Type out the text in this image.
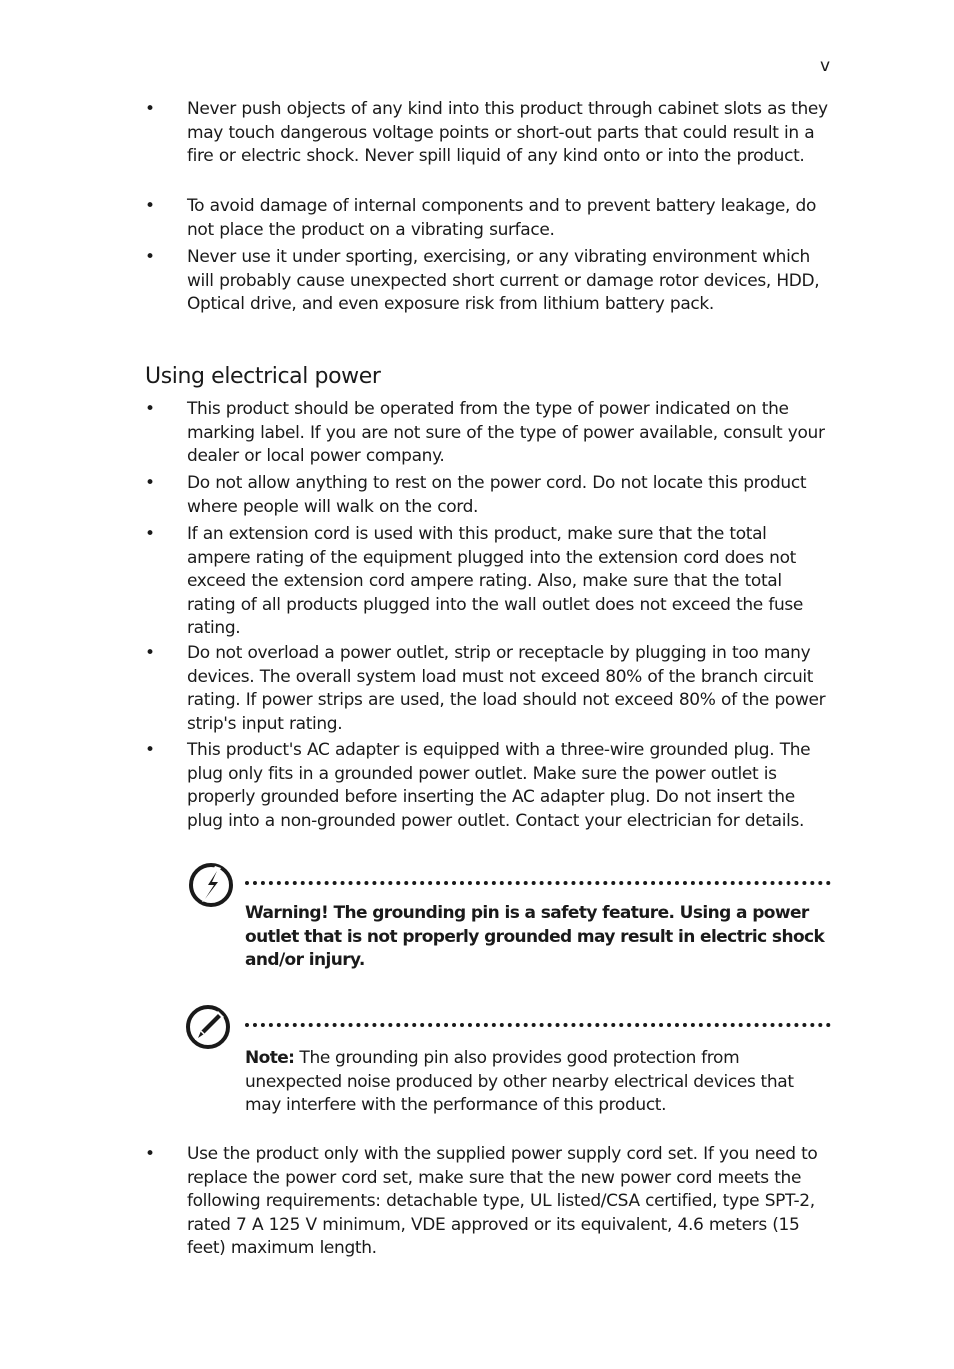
v
• Never push objects of any kind into this product through cabinet slots as they may touch dangerous voltage points or short-out parts that could result in a fire or electric shock. Never spill liquid of any kind onto or into the product.
• To avoid damage of internal components and to prevent battery leakage, do not place the product on a vibrating surface.
• Never use it under sporting, exercising, or any vibrating environment which will probably cause unexpected short current or damage rotor devices, HDD, Optical drive, and even exposure risk from lithium battery pack.
Using electrical power
• This product should be operated from the type of power indicated on the marking label. If you are not sure of the type of power available, consult your dealer or local power company.
• Do not allow anything to rest on the power cord. Do not locate this product where people will walk on the cord.
• If an extension cord is used with this product, make sure that the total ampere rating of the equipment plugged into the extension cord does not exceed the extension cord ampere rating. Also, make sure that the total rating of all products plugged into the wall outlet does not exceed the fuse rating.
• Do not overload a power outlet, strip or receptacle by plugging in too many devices. The overall system load must not exceed 80% of the branch circuit rating. If power strips are used, the load should not exceed 80% of the power strip's input rating.
• This product's AC adapter is equipped with a three-wire grounded plug. The plug only fits in a grounded power outlet. Make sure the power outlet is properly grounded before inserting the AC adapter plug. Do not insert the plug into a non-grounded power outlet. Contact your electrician for details.
Warning! The grounding pin is a safety feature. Using a power outlet that is not properly grounded may result in electric shock and/or injury.
Note: The grounding pin also provides good protection from unexpected noise produced by other nearby electrical devices that may interfere with the performance of this product.
• Use the product only with the supplied power supply cord set. If you need to replace the power cord set, make sure that the new power cord meets the following requirements: detachable type, UL listed/CSA certified, type SPT-2, rated 7 A 125 V minimum, VDE approved or its equivalent, 4.6 meters (15 feet) maximum length.
